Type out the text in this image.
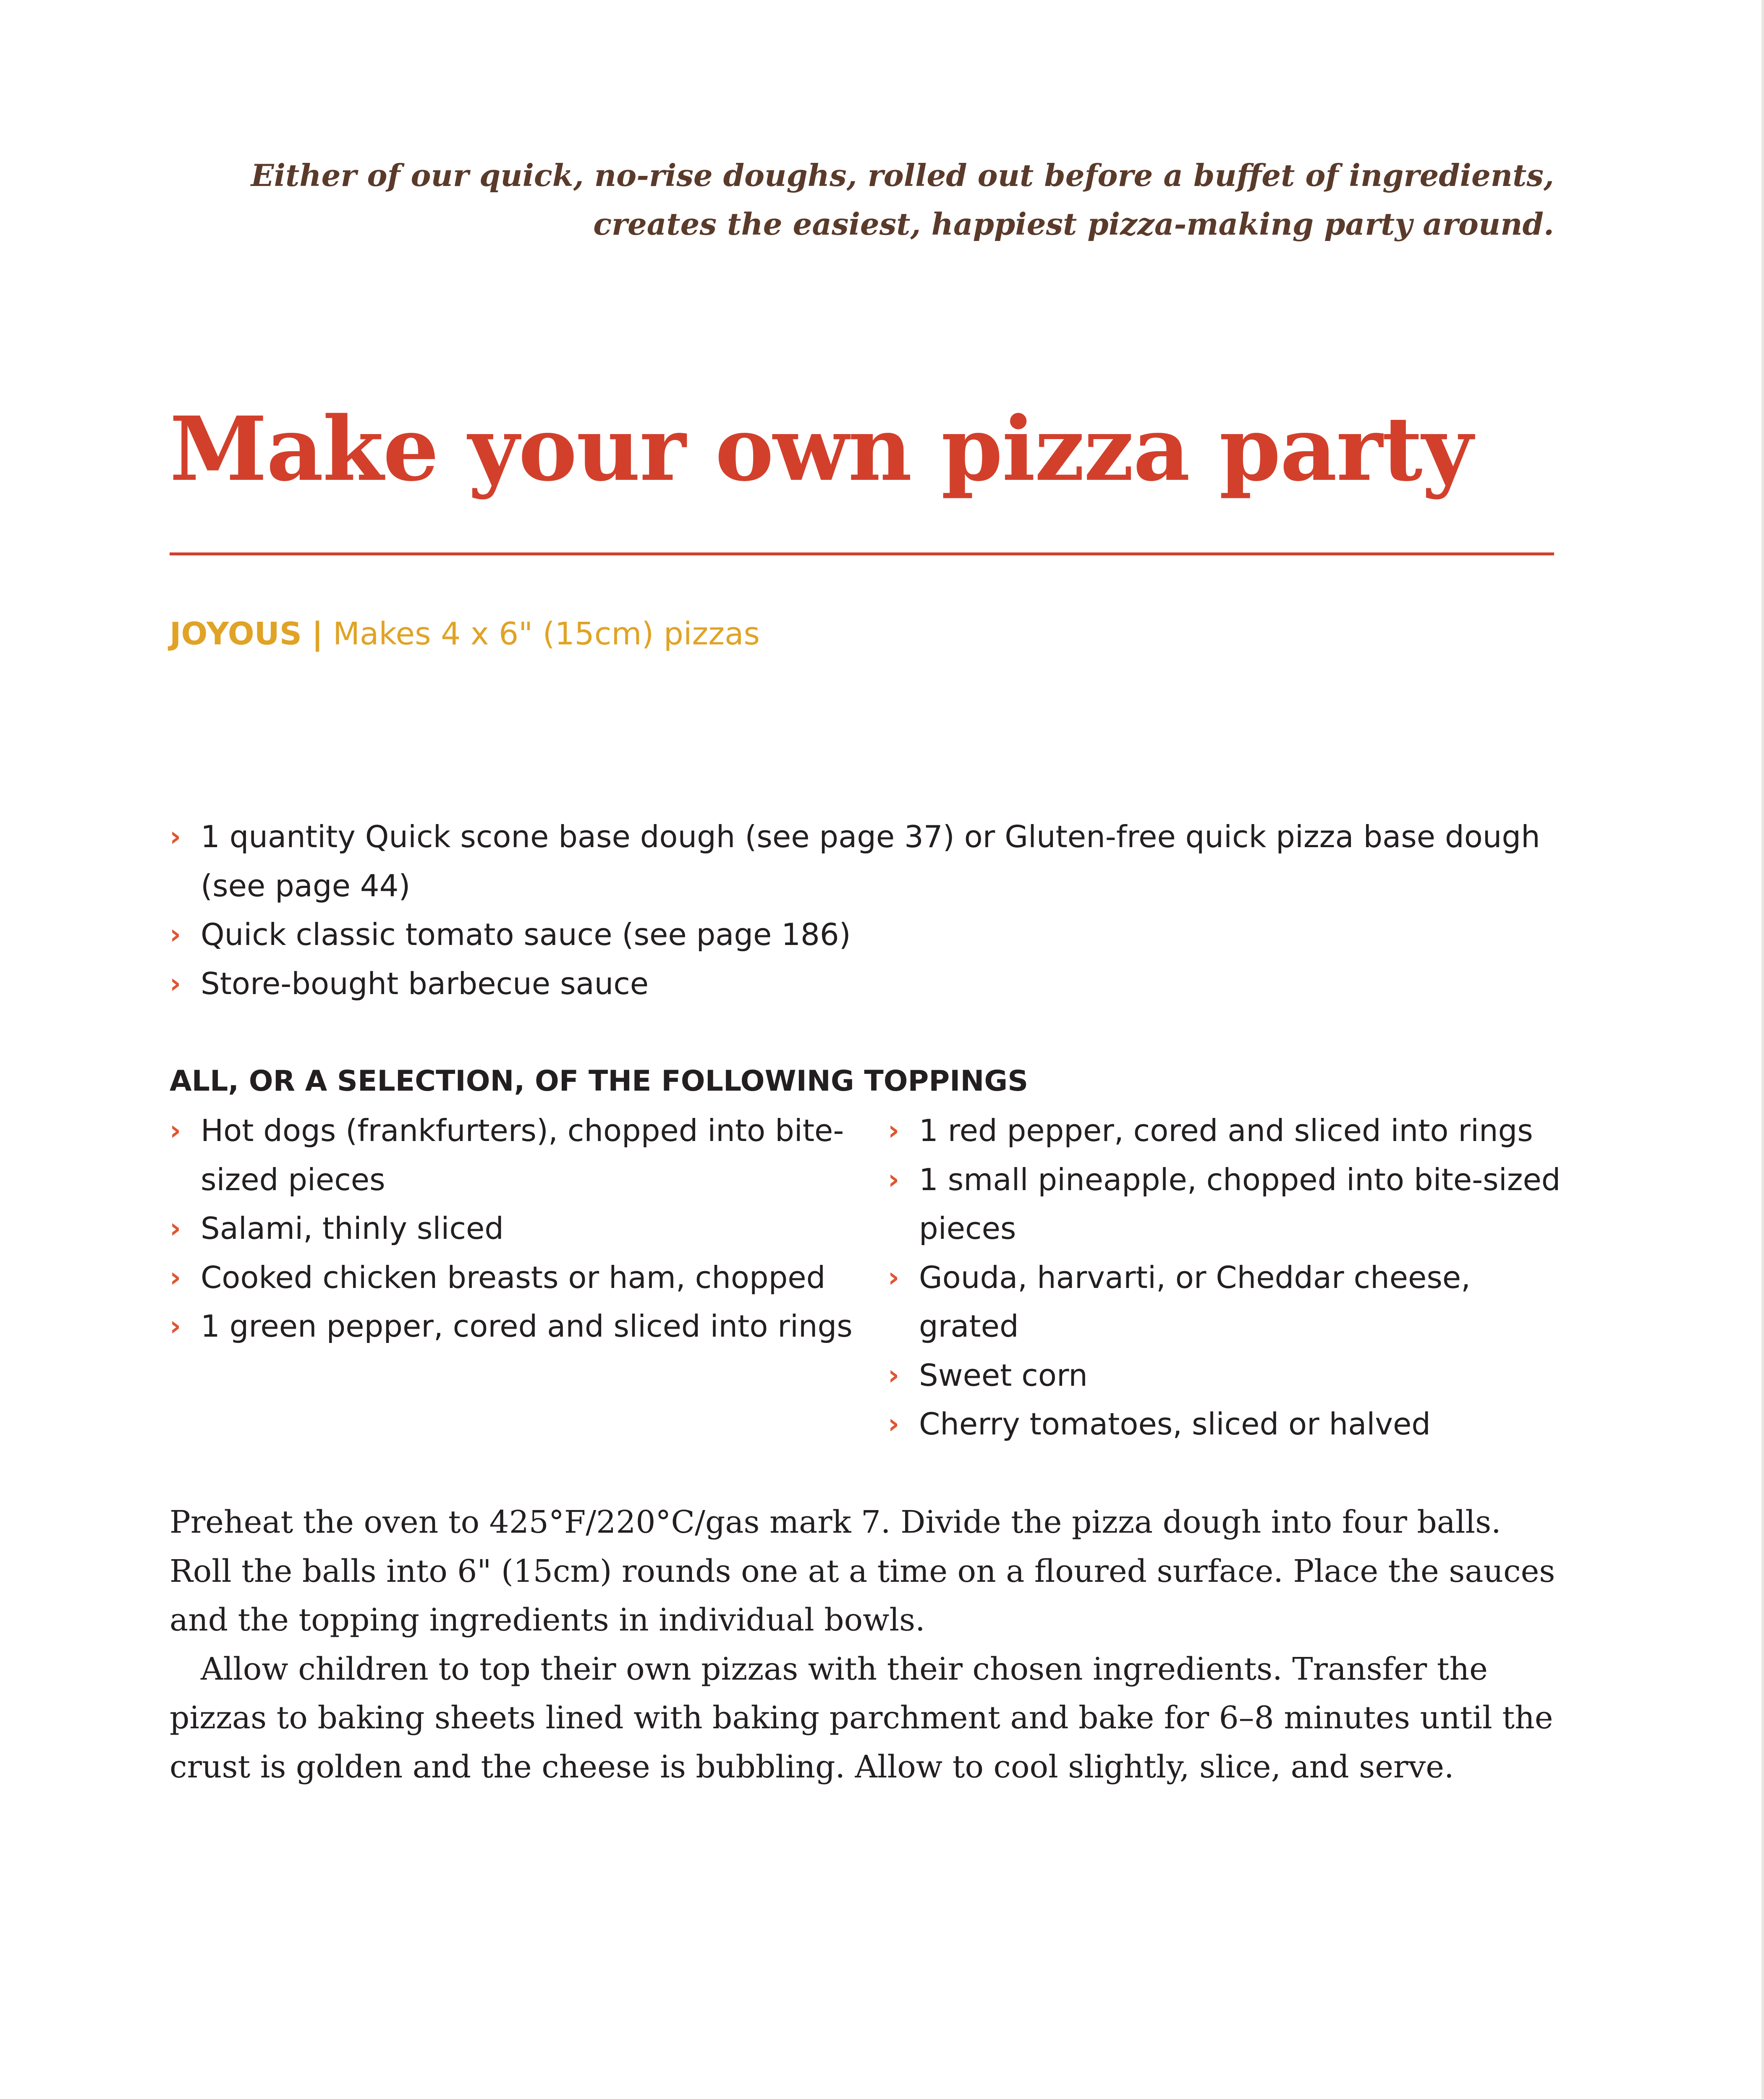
Either of our quick, no-rise doughs, rolled out before a buffet of ingredients,
creates the easiest, happiest pizza-making party around.
Make your own pizza party
JOYOUS | Makes 4 x 6" (15cm) pizzas
› 1 quantity Quick scone base dough (see page 37) or Gluten-free quick pizza base dough (see page 44)
› Quick classic tomato sauce (see page 186)
› Store-bought barbecue sauce
ALL, OR A SELECTION, OF THE FOLLOWING TOPPINGS
› Hot dogs (frankfurters), chopped into bite-sized pieces
› Salami, thinly sliced
› Cooked chicken breasts or ham, chopped
› 1 green pepper, cored and sliced into rings
› 1 red pepper, cored and sliced into rings
› 1 small pineapple, chopped into bite-sized pieces
› Gouda, harvarti, or Cheddar cheese, grated
› Sweet corn
› Cherry tomatoes, sliced or halved

Preheat the oven to 425°F/220°C/gas mark 7. Divide the pizza dough into four balls. Roll the balls into 6" (15cm) rounds one at a time on a floured surface. Place the sauces and the topping ingredients in individual bowls.

Allow children to top their own pizzas with their chosen ingredients. Transfer the pizzas to baking sheets lined with baking parchment and bake for 6–8 minutes until the crust is golden and the cheese is bubbling. Allow to cool slightly, slice, and serve.
